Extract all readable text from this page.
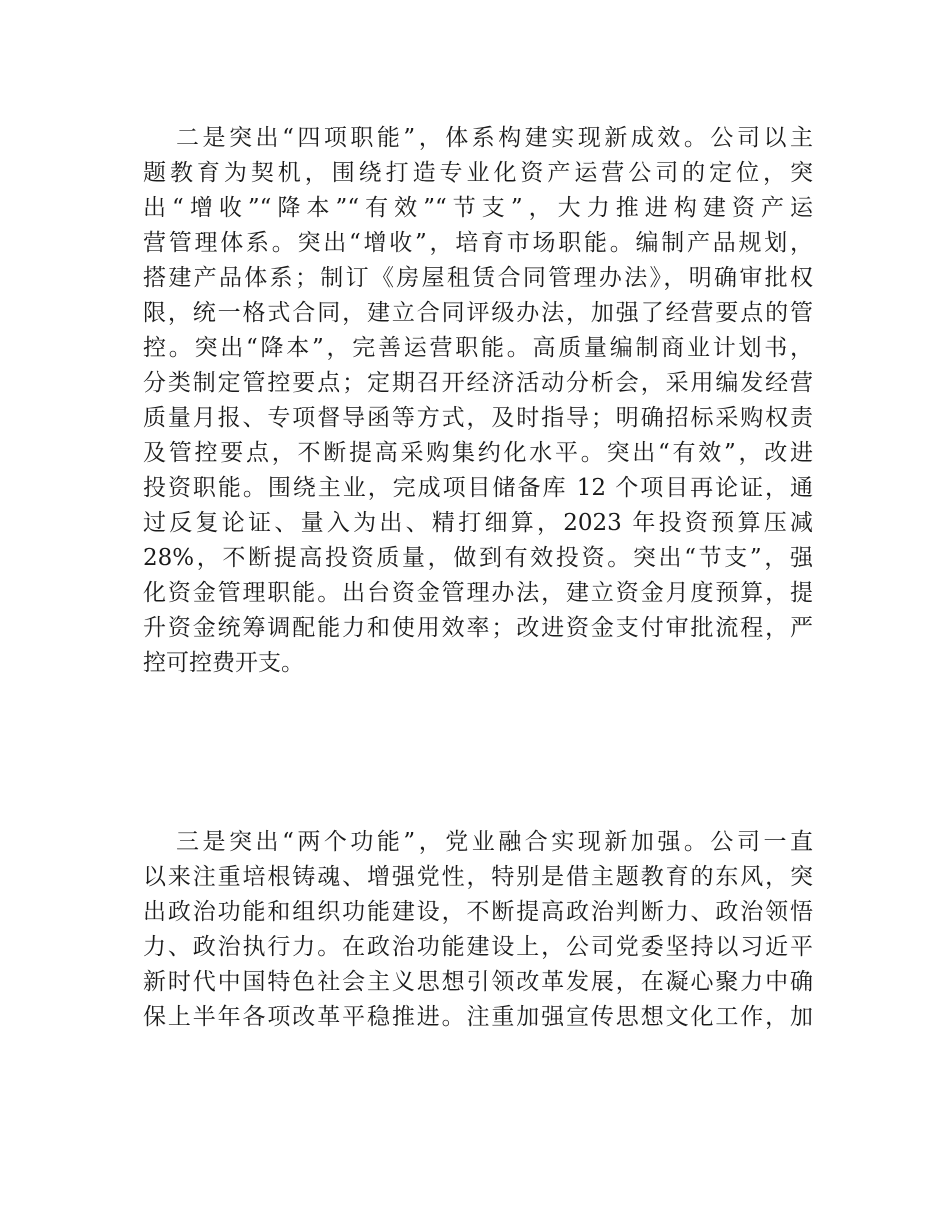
二是突出“四项职能”，体系构建实现新成效。公司以主
题教育为契机，围绕打造专业化资产运营公司的定位，突
出“增收”“降本”“有效”“节支”，大力推进构建资产运
营管理体系。突出“增收”，培育市场职能。编制产品规划，
搭建产品体系；制订《房屋租赁合同管理办法》，明确审批权
限，统一格式合同，建立合同评级办法，加强了经营要点的管
控。突出“降本”，完善运营职能。高质量编制商业计划书，
分类制定管控要点；定期召开经济活动分析会，采用编发经营
质量月报、专项督导函等方式，及时指导；明确招标采购权责
及管控要点，不断提高采购集约化水平。突出“有效”，改进
投资职能。围绕主业，完成项目储备库 12 个项目再论证，通
过反复论证、量入为出、精打细算，2023 年投资预算压减
28%，不断提高投资质量，做到有效投资。突出“节支”，强
化资金管理职能。出台资金管理办法，建立资金月度预算，提
升资金统筹调配能力和使用效率；改进资金支付审批流程，严
控可控费开支。

三是突出“两个功能”，党业融合实现新加强。公司一直
以来注重培根铸魂、增强党性，特别是借主题教育的东风，突
出政治功能和组织功能建设，不断提高政治判断力、政治领悟
力、政治执行力。在政治功能建设上，公司党委坚持以习近平
新时代中国特色社会主义思想引领改革发展，在凝心聚力中确
保上半年各项改革平稳推进。注重加强宣传思想文化工作，加
